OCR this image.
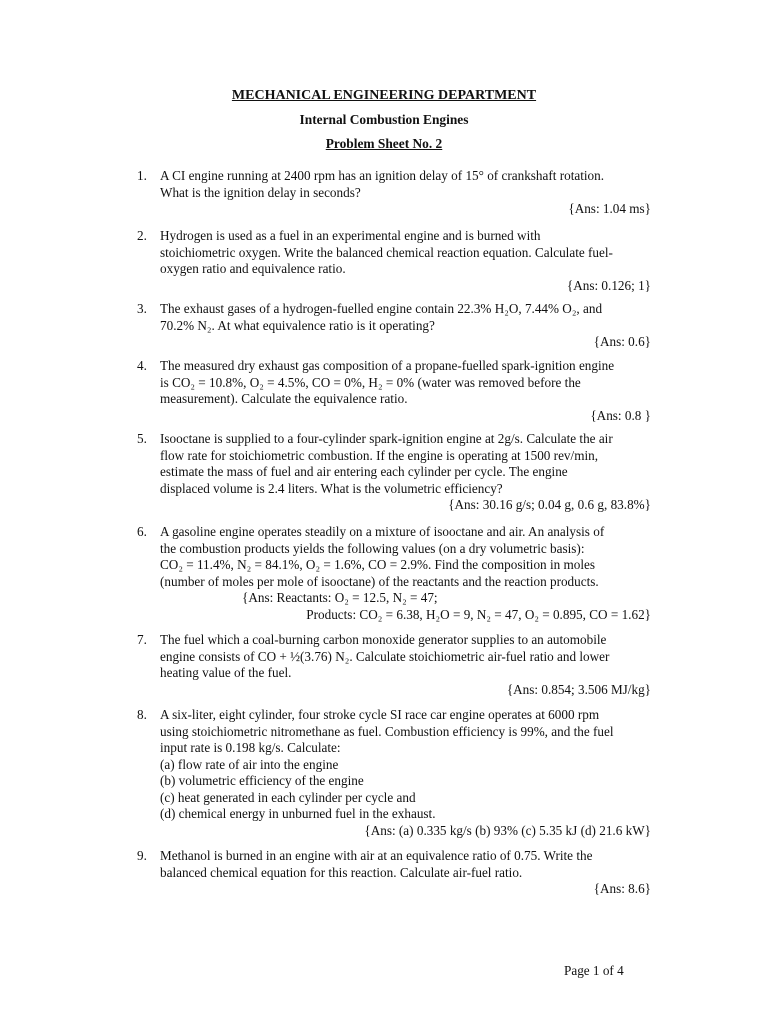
MECHANICAL ENGINEERING DEPARTMENT
Internal Combustion Engines
Problem Sheet No. 2
1. A CI engine running at 2400 rpm has an ignition delay of 15° of crankshaft rotation.
What is the ignition delay in seconds?
{Ans: 1.04 ms}
2. Hydrogen is used as a fuel in an experimental engine and is burned with
stoichiometric oxygen. Write the balanced chemical reaction equation. Calculate fuel-
oxygen ratio and equivalence ratio.
{Ans: 0.126; 1}
3. The exhaust gases of a hydrogen-fuelled engine contain 22.3% H₂O, 7.44% O₂, and
70.2% N₂. At what equivalence ratio is it operating?
{Ans: 0.6}
4. The measured dry exhaust gas composition of a propane-fuelled spark-ignition engine
is CO₂ = 10.8%, O₂ = 4.5%, CO = 0%, H₂ = 0% (water was removed before the
measurement). Calculate the equivalence ratio.
{Ans: 0.8 }
5. Isooctane is supplied to a four-cylinder spark-ignition engine at 2g/s. Calculate the air
flow rate for stoichiometric combustion. If the engine is operating at 1500 rev/min,
estimate the mass of fuel and air entering each cylinder per cycle. The engine
displaced volume is 2.4 liters. What is the volumetric efficiency?
{Ans: 30.16 g/s; 0.04 g, 0.6 g, 83.8%}
6. A gasoline engine operates steadily on a mixture of isooctane and air. An analysis of
the combustion products yields the following values (on a dry volumetric basis):
CO₂ = 11.4%, N₂ = 84.1%, O₂ = 1.6%, CO = 2.9%. Find the composition in moles
(number of moles per mole of isooctane) of the reactants and the reaction products.
{Ans: Reactants: O₂ = 12.5, N₂ = 47;
Products: CO₂ = 6.38, H₂O = 9, N₂ = 47, O₂ = 0.895, CO = 1.62}
7. The fuel which a coal-burning carbon monoxide generator supplies to an automobile
engine consists of CO + ½(3.76) N₂. Calculate stoichiometric air-fuel ratio and lower
heating value of the fuel.
{Ans: 0.854; 3.506 MJ/kg}
8. A six-liter, eight cylinder, four stroke cycle SI race car engine operates at 6000 rpm
using stoichiometric nitromethane as fuel. Combustion efficiency is 99%, and the fuel
input rate is 0.198 kg/s. Calculate:
(a) flow rate of air into the engine
(b) volumetric efficiency of the engine
(c) heat generated in each cylinder per cycle and
(d) chemical energy in unburned fuel in the exhaust.
{Ans: (a) 0.335 kg/s (b) 93% (c) 5.35 kJ (d) 21.6 kW}
9. Methanol is burned in an engine with air at an equivalence ratio of 0.75. Write the
balanced chemical equation for this reaction. Calculate air-fuel ratio.
{Ans: 8.6}
Page 1 of 4
